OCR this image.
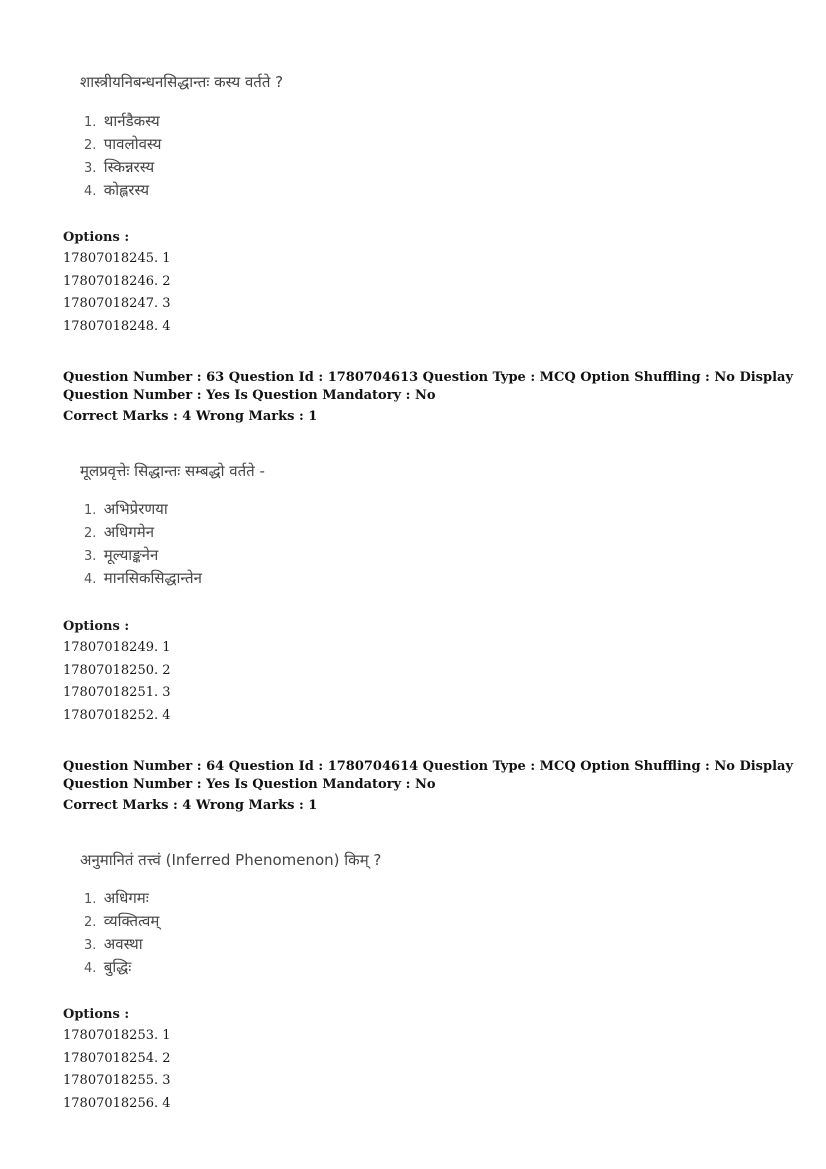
शास्त्रीयनिबन्धनसिद्धान्तः कस्य वर्तते ?
1. थार्नडैकस्य
2. पावलोवस्य
3. स्किन्नरस्य
4. कोह्लरस्य
Options :
17807018245. 1
17807018246. 2
17807018247. 3
17807018248. 4
Question Number : 63 Question Id : 1780704613 Question Type : MCQ Option Shuffling : No Display
Question Number : Yes Is Question Mandatory : No
Correct Marks : 4 Wrong Marks : 1
मूलप्रवृत्तेः सिद्धान्तः सम्बद्धो वर्तते -
1. अभिप्रेरणया
2. अधिगमेन
3. मूल्याङ्कनेन
4. मानसिकसिद्धान्तेन
Options :
17807018249. 1
17807018250. 2
17807018251. 3
17807018252. 4
Question Number : 64 Question Id : 1780704614 Question Type : MCQ Option Shuffling : No Display
Question Number : Yes Is Question Mandatory : No
Correct Marks : 4 Wrong Marks : 1
अनुमानितं तत्त्वं (Inferred Phenomenon) किम् ?
1. अधिगमः
2. व्यक्तित्वम्
3. अवस्था
4. बुद्धिः
Options :
17807018253. 1
17807018254. 2
17807018255. 3
17807018256. 4
